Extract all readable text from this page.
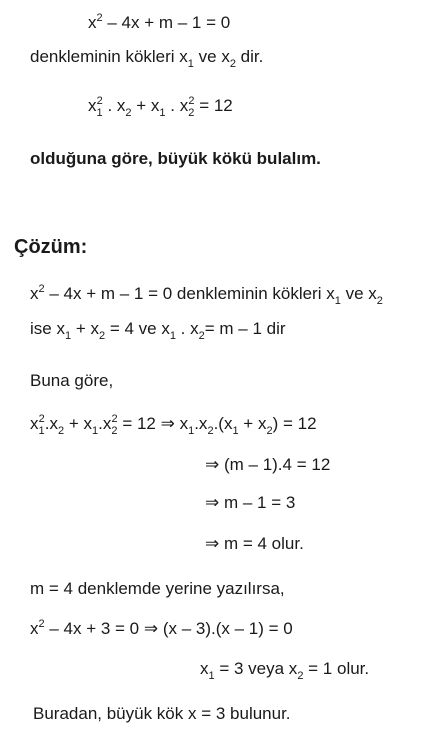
$x^2 - 4x + m - 1 = 0$
denkleminin kökleri $x_1$ ve $x_2$ dir.
$x_1^2$ . $x_2 + x_1$ . $x_2^2 = 12$
olduğuna göre, büyük kökü bulalım.
Çözüm:
$x^2 - 4x + m - 1 = 0$ denkleminin kökleri $x_1$ ve $x_2$
ise $x_1 + x_2 = 4$ ve $x_1$ . $x_2= m - 1$ dir
Buna göre,
$x_1^2.x_2 + x_1.x_2^2 = 12$ ⇒ $x_1.x_2.(x_1 + x_2) = 12$
⇒ (m – 1).4 = 12
⇒ m – 1 = 3
⇒ m = 4 olur.
m = 4 denklemde yerine yazılırsa,
$x^2 - 4x + 3 = 0$ ⇒ (x – 3).(x – 1) = 0
$x_1 = 3$ veya $x_2 = 1$ olur.
Buradan, büyük kök x = 3 bulunur.
